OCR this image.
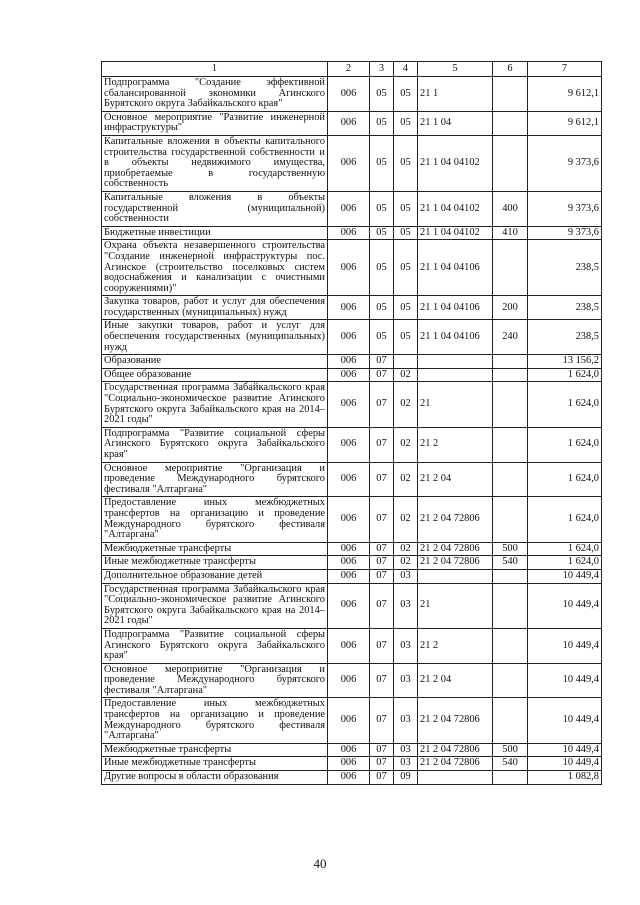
1	2	3	4	5	6	7
Подпрограмма "Создание эффективной сбалансированной экономики Агинского Бурятского округа Забайкальского края"	006	05	05	21 1		9 612,1
Основное мероприятие "Развитие инженерной инфраструктуры"	006	05	05	21 1 04		9 612,1
Капитальные вложения в объекты капитального строительства государственной собственности и в объекты недвижимого имущества, приобретаемые в государственную собственность	006	05	05	21 1 04 04102		9 373,6
Капитальные вложения в объекты государственной (муниципальной) собственности	006	05	05	21 1 04 04102	400	9 373,6
Бюджетные инвестиции	006	05	05	21 1 04 04102	410	9 373,6
Охрана объекта незавершенного строительства "Создание инженерной инфраструктуры пос. Агинское (строительство поселковых систем водоснабжения и канализации с очистными сооружениями)"	006	05	05	21 1 04 04106		238,5
Закупка товаров, работ и услуг для обеспечения государственных (муниципальных) нужд	006	05	05	21 1 04 04106	200	238,5
Иные закупки товаров, работ и услуг для обеспечения государственных (муниципальных) нужд	006	05	05	21 1 04 04106	240	238,5
Образование	006	07				13 156,2
Общее образование	006	07	02			1 624,0
Государственная программа Забайкальского края "Социально-экономическое развитие Агинского Бурятского округа Забайкальского края на 2014–2021 годы"	006	07	02	21		1 624,0
Подпрограмма "Развитие социальной сферы Агинского Бурятского округа Забайкальского края"	006	07	02	21 2		1 624,0
Основное мероприятие "Организация и проведение Международного бурятского фестиваля "Алтаргана"	006	07	02	21 2 04		1 624,0
Предоставление иных межбюджетных трансфертов на организацию и проведение Международного бурятского фестиваля "Алтаргана"	006	07	02	21 2 04 72806		1 624,0
Межбюджетные трансферты	006	07	02	21 2 04 72806	500	1 624,0
Иные межбюджетные трансферты	006	07	02	21 2 04 72806	540	1 624,0
Дополнительное образование детей	006	07	03			10 449,4
Государственная программа Забайкальского края "Социально-экономическое развитие Агинского Бурятского округа Забайкальского края на 2014–2021 годы"	006	07	03	21		10 449,4
Подпрограмма "Развитие социальной сферы Агинского Бурятского округа Забайкальского края"	006	07	03	21 2		10 449,4
Основное мероприятие "Организация и проведение Международного бурятского фестиваля "Алтаргана"	006	07	03	21 2 04		10 449,4
Предоставление иных межбюджетных трансфертов на организацию и проведение Международного бурятского фестиваля "Алтаргана"	006	07	03	21 2 04 72806		10 449,4
Межбюджетные трансферты	006	07	03	21 2 04 72806	500	10 449,4
Иные межбюджетные трансферты	006	07	03	21 2 04 72806	540	10 449,4
Другие вопросы в области образования	006	07	09			1 082,8
40
